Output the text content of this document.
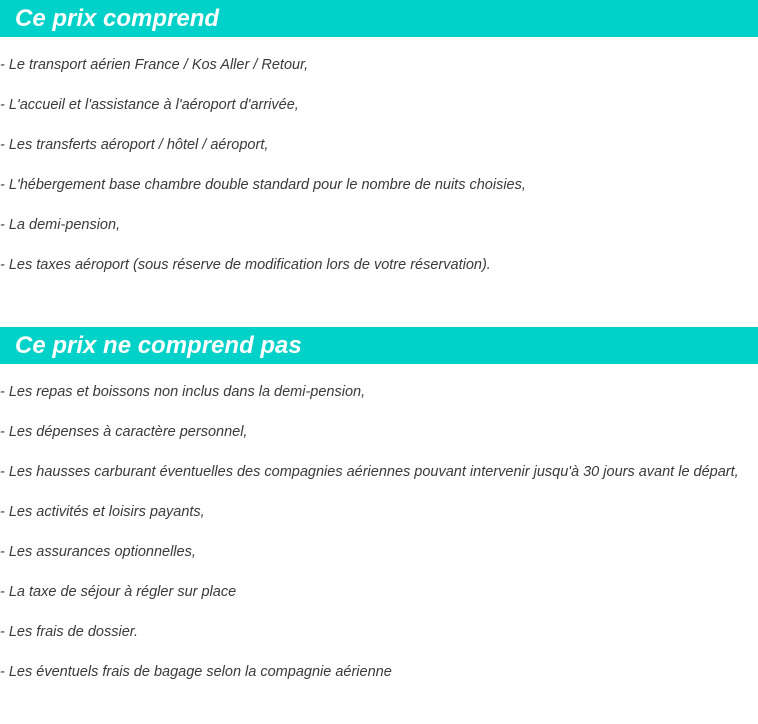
Ce prix comprend
- Le transport aérien France / Kos Aller / Retour,
- L'accueil et l'assistance à l'aéroport d'arrivée,
- Les transferts aéroport / hôtel / aéroport,
- L'hébergement base chambre double standard pour le nombre de nuits choisies,
- La demi-pension,
- Les taxes aéroport (sous réserve de modification lors de votre réservation).
Ce prix ne comprend pas
- Les repas et boissons non inclus dans la demi-pension,
- Les dépenses à caractère personnel,
- Les hausses carburant éventuelles des compagnies aériennes pouvant intervenir jusqu'à 30 jours avant le départ,
- Les activités et loisirs payants,
- Les assurances optionnelles,
- La taxe de séjour à régler sur place
- Les frais de dossier.
- Les éventuels frais de bagage selon la compagnie aérienne
